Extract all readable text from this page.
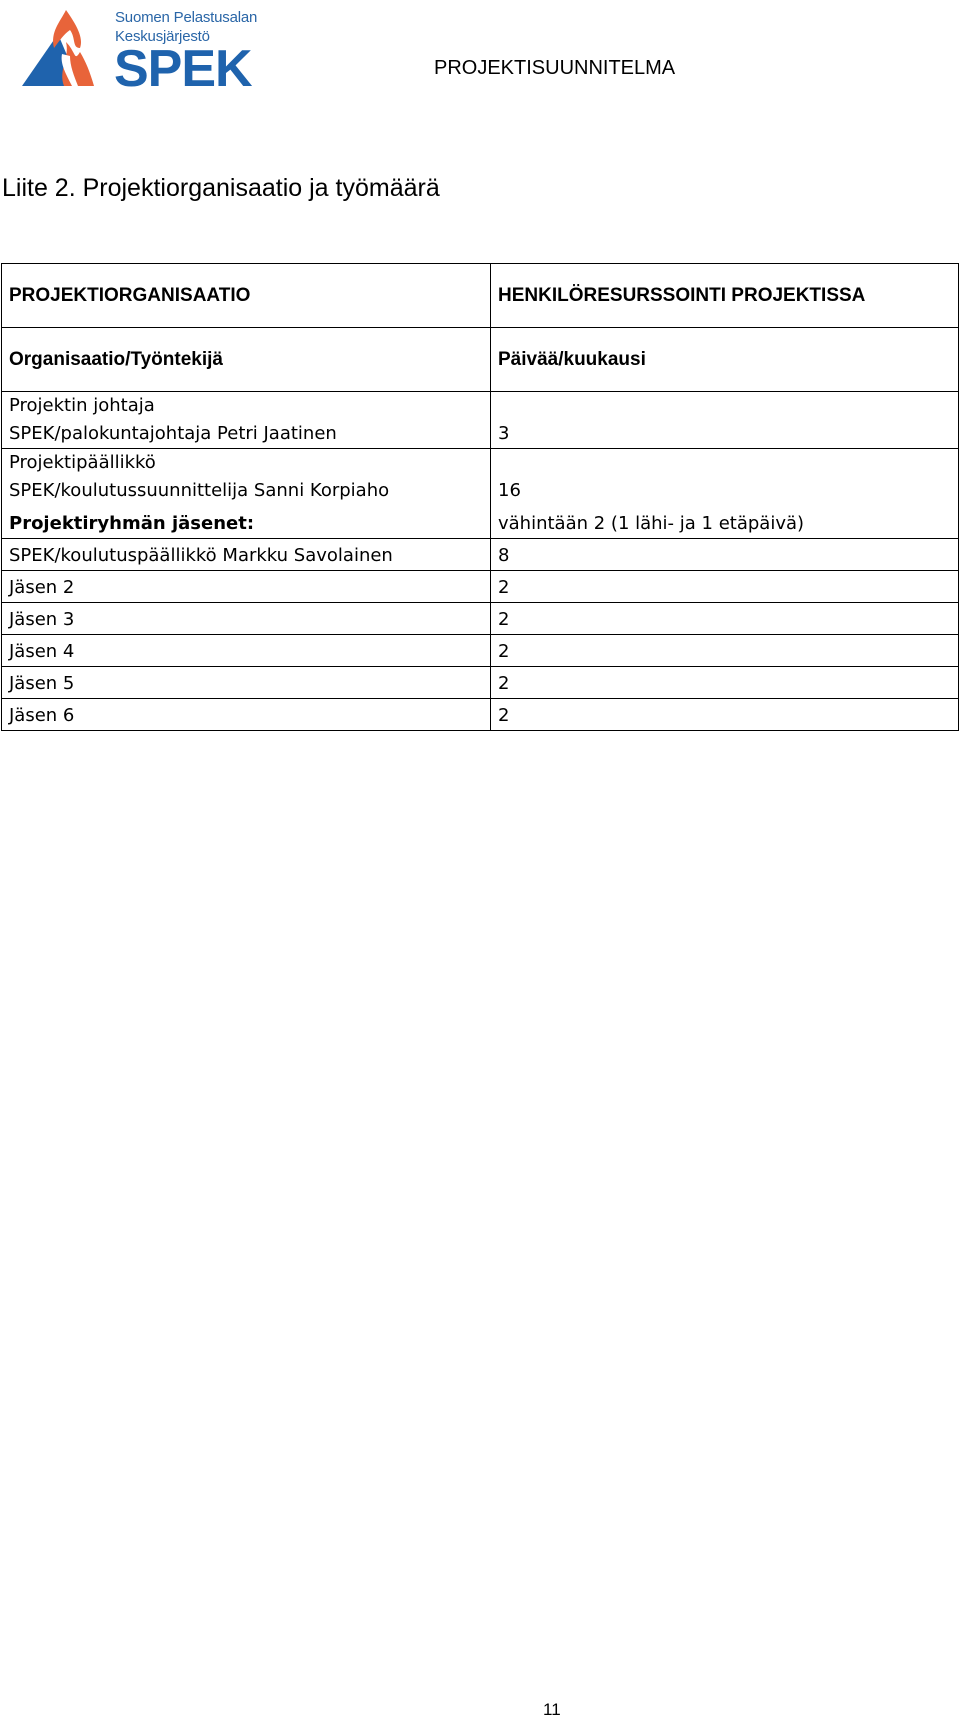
Suomen Pelastusalan
Keskusjärjestö
SPEK	PROJEKTISUUNNITELMA
Liite 2. Projektiorganisaatio ja työmäärä
PROJEKTIORGANISAATIO	HENKILÖRESURSSOINTI PROJEKTISSA
Organisaatio/Työntekijä	Päivää/kuukausi

Projektin johtaja
SPEK/palokuntajohtaja Petri Jaatinen	3

Projektipäällikkö
SPEK/koulutussuunnittelija Sanni Korpiaho	16
Projektiryhmän jäsenet:	vähintään 2 (1 lähi- ja 1 etäpäivä)
SPEK/koulutuspäällikkö Markku Savolainen	8
Jäsen 2	2
Jäsen 3	2
Jäsen 4	2
Jäsen 5	2
Jäsen 6	2
11
